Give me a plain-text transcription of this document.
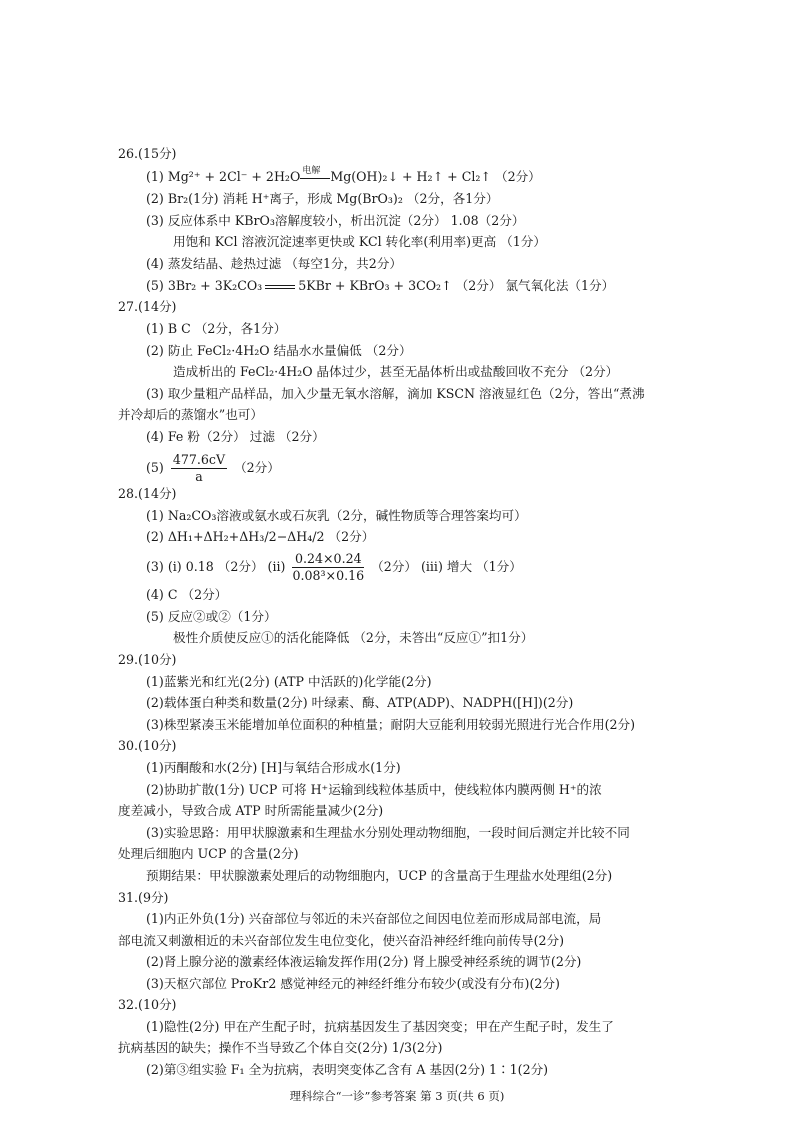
26.(15分)
(1) Mg²⁺ + 2Cl⁻ + 2H₂O 电解 Mg(OH)₂↓ + H₂↑ + Cl₂↑ （2分）
(2) Br₂(1分) 消耗 H⁺离子，形成 Mg(BrO₃)₂ （2分，各1分）
(3) 反应体系中 KBrO₃溶解度较小，析出沉淀（2分） 1.08（2分）
用饱和 KCl 溶液沉淀速率更快或 KCl 转化率(利用率)更高 （1分）
(4) 蒸发结晶、趁热过滤 （每空1分，共2分）
(5) 3Br₂ + 3K₂CO₃	5KBr + KBrO₃ + 3CO₂↑ （2分） 氯气氧化法（1分）
27.(14分)
(1) B C （2分，各1分）
(2) 防止 FeCl₂·4H₂O 结晶水水量偏低 （2分）
造成析出的 FeCl₂·4H₂O 晶体过少，甚至无晶体析出或盐酸回收不充分 （2分）
(3) 取少量粗产品样品，加入少量无氧水溶解，滴加 KSCN 溶液显红色（2分，答出“煮沸
并冷却后的蒸馏水”也可）
(4) Fe 粉（2分） 过滤 （2分）
$(5) \frac{477.6cV}{a} (2$分）
28.(14分)
(1) Na₂CO₃溶液或氨水或石灰乳（2分，碱性物质等合理答案均可）
(2) ΔH₁+ΔH₂+ΔH₃/2−ΔH₄/2 （2分）
(3) (i) 0.18 （2分） $(ii) \frac{0.24\times 0.24}{\text{0.08³×0.16}} (2$分） (iii) 增大 （1分）
(4) C （2分）
(5) 反应②或②（1分）
极性介质使反应①的活化能降低 （2分，未答出“反应①”扣1分）
29.(10分)
(1)蓝紫光和红光(2分) (ATP 中活跃的)化学能(2分)
(2)载体蛋白种类和数量(2分) 叶绿素、酶、ATP(ADP)、NADPH([H])(2分)
(3)株型紧凑玉米能增加单位面积的种植量；耐阴大豆能利用较弱光照进行光合作用(2分)
30.(10分)
(1)丙酮酸和水(2分) [H]与氧结合形成水(1分)
(2)协助扩散(1分) UCP 可将 H⁺运输到线粒体基质中，使线粒体内膜两侧 H⁺的浓
度差减小，导致合成 ATP 时所需能量减少(2分)
(3)实验思路：用甲状腺激素和生理盐水分别处理动物细胞，一段时间后测定并比较不同
处理后细胞内 UCP 的含量(2分)
预期结果：甲状腺激素处理后的动物细胞内，UCP 的含量高于生理盐水处理组(2分)
31.(9分)
(1)内正外负(1分) 兴奋部位与邻近的未兴奋部位之间因电位差而形成局部电流，局
部电流又刺激相近的未兴奋部位发生电位变化，使兴奋沿神经纤维向前传导(2分)
(2)肾上腺分泌的激素经体液运输发挥作用(2分) 肾上腺受神经系统的调节(2分)
(3)天枢穴部位 ProKr2 感觉神经元的神经纤维分布较少(或没有分布)(2分)
32.(10分)
(1)隐性(2分) 甲在产生配子时，抗病基因发生了基因突变；甲在产生配子时，发生了
抗病基因的缺失；操作不当导致乙个体自交(2分) 1/3(2分)
(2)第③组实验 F₁ 全为抗病，表明突变体乙含有 A 基因(2分) 1∶1(2分)
理科综合“一诊”参考答案 第 3 页(共 6 页)
